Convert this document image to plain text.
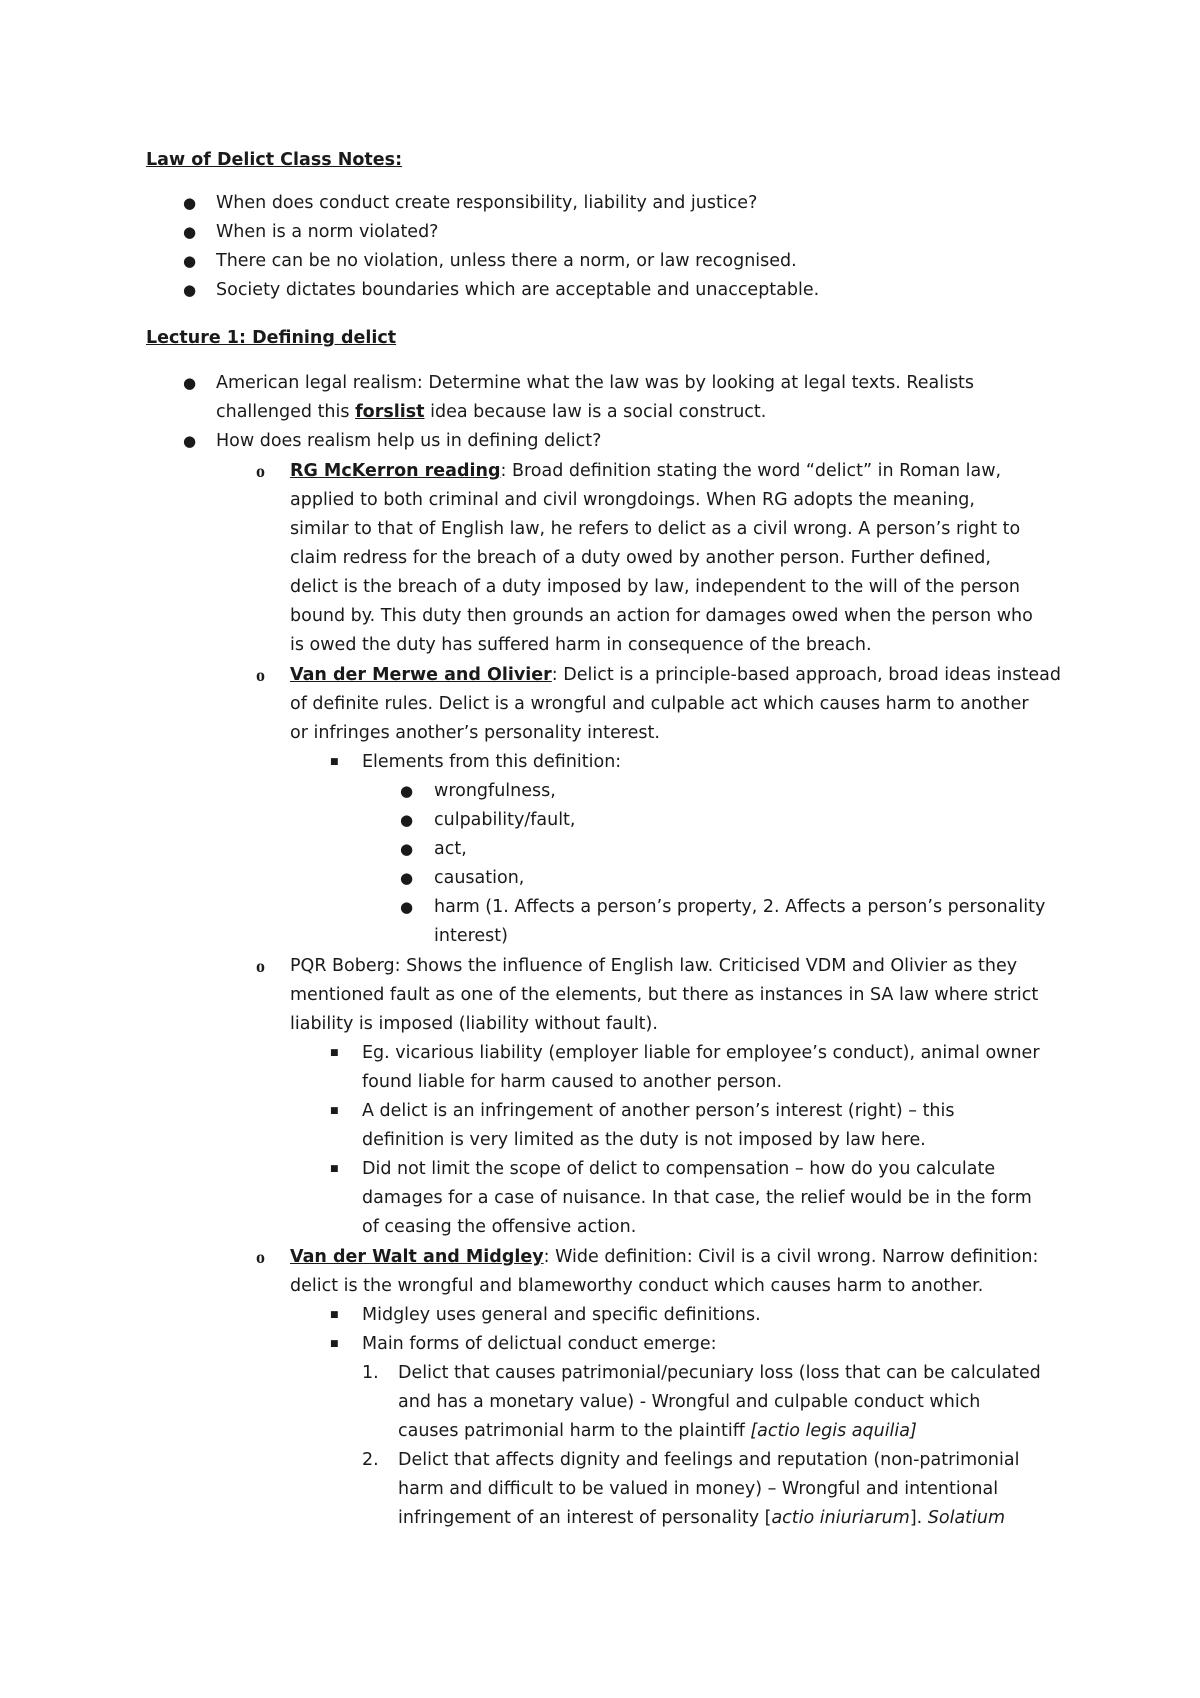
Law of Delict Class Notes:
● When does conduct create responsibility, liability and justice?
● When is a norm violated?
● There can be no violation, unless there a norm, or law recognised.
● Society dictates boundaries which are acceptable and unacceptable.
Lecture 1: Defining delict
● American legal realism: Determine what the law was by looking at legal texts. Realists
challenged this forslist idea because law is a social construct.
● How does realism help us in defining delict?
o RG McKerron reading: Broad definition stating the word “delict” in Roman law,
applied to both criminal and civil wrongdoings. When RG adopts the meaning,
similar to that of English law, he refers to delict as a civil wrong. A person’s right to
claim redress for the breach of a duty owed by another person. Further defined,
delict is the breach of a duty imposed by law, independent to the will of the person
bound by. This duty then grounds an action for damages owed when the person who
is owed the duty has suffered harm in consequence of the breach.
o Van der Merwe and Olivier: Delict is a principle-based approach, broad ideas instead
of definite rules. Delict is a wrongful and culpable act which causes harm to another
or infringes another’s personality interest.
■ Elements from this definition:
● wrongfulness,
● culpability/fault,
● act,
● causation,
● harm (1. Affects a person’s property, 2. Affects a person’s personality
interest)
o PQR Boberg: Shows the influence of English law. Criticised VDM and Olivier as they
mentioned fault as one of the elements, but there as instances in SA law where strict
liability is imposed (liability without fault).
■ Eg. vicarious liability (employer liable for employee’s conduct), animal owner
found liable for harm caused to another person.
■ A delict is an infringement of another person’s interest (right) – this
definition is very limited as the duty is not imposed by law here.
■ Did not limit the scope of delict to compensation – how do you calculate
damages for a case of nuisance. In that case, the relief would be in the form
of ceasing the offensive action.
o Van der Walt and Midgley: Wide definition: Civil is a civil wrong. Narrow definition:
delict is the wrongful and blameworthy conduct which causes harm to another.
■ Midgley uses general and specific definitions.
■ Main forms of delictual conduct emerge:
1. Delict that causes patrimonial/pecuniary loss (loss that can be calculated
and has a monetary value) - Wrongful and culpable conduct which
causes patrimonial harm to the plaintiff [actio legis aquilia]
2. Delict that affects dignity and feelings and reputation (non-patrimonial
harm and difficult to be valued in money) – Wrongful and intentional
infringement of an interest of personality [actio iniuriarum]. Solatium
